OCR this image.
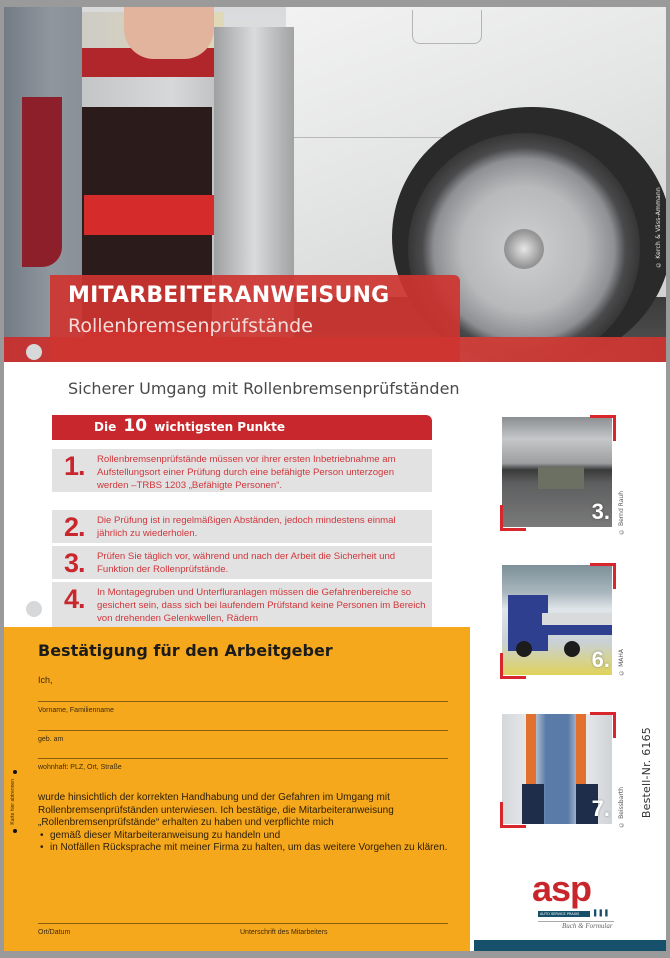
© Kerch & Väss-Ammann
MITARBEITERANWEISUNG
Rollenbremsenprüfstände
Sicherer Umgang mit Rollenbremsenprüfständen
Die 10 wichtigsten Punkte
1. Rollenbremsenprüfstände müssen vor ihrer ersten Inbetriebnahme am Aufstellungsort einer Prüfung durch eine befähigte Person unterzogen werden –TRBS 1203 „Befähigte Personen“.
2. Die Prüfung ist in regelmäßigen Abständen, jedoch mindestens einmal jährlich zu wiederholen.
3. Prüfen Sie täglich vor, während und nach der Arbeit die Sicherheit und Funktion der Rollenprüfstände.
4. In Montagegruben und Unterfluranlagen müssen die Gefahrenbereiche so gesichert sein, dass sich bei laufendem Prüfstand keine Personen im Bereich von drehenden Gelenkwellen, Rädern
3. © Bernd Rauh
6. © MAHA
7. © Beissbarth Bestell-Nr. 6165
Bestätigung für den Arbeitgeber
Ich,
Vorname, Familienname
geb. am
wohnhaft: PLZ, Ort, Straße
wurde hinsichtlich der korrekten Handhabung und der Gefahren im Umgang mit Rollenbremsenprüfständen unterwiesen. Ich bestätige, die Mitarbeiteranweisung „Rollenbremsenprüfstände“ erhalten zu haben und verpflichte mich
• gemäß dieser Mitarbeiteranweisung zu handeln und
• in Notfällen Rücksprache mit meiner Firma zu halten, um das weitere Vorgehen zu klären.
Ort/Datum	Unterschrift des Mitarbeiters
Karte hier abtrennen
asp
AUTO SERVICE PRAXIS ▌▌▌
Buch & Formular
